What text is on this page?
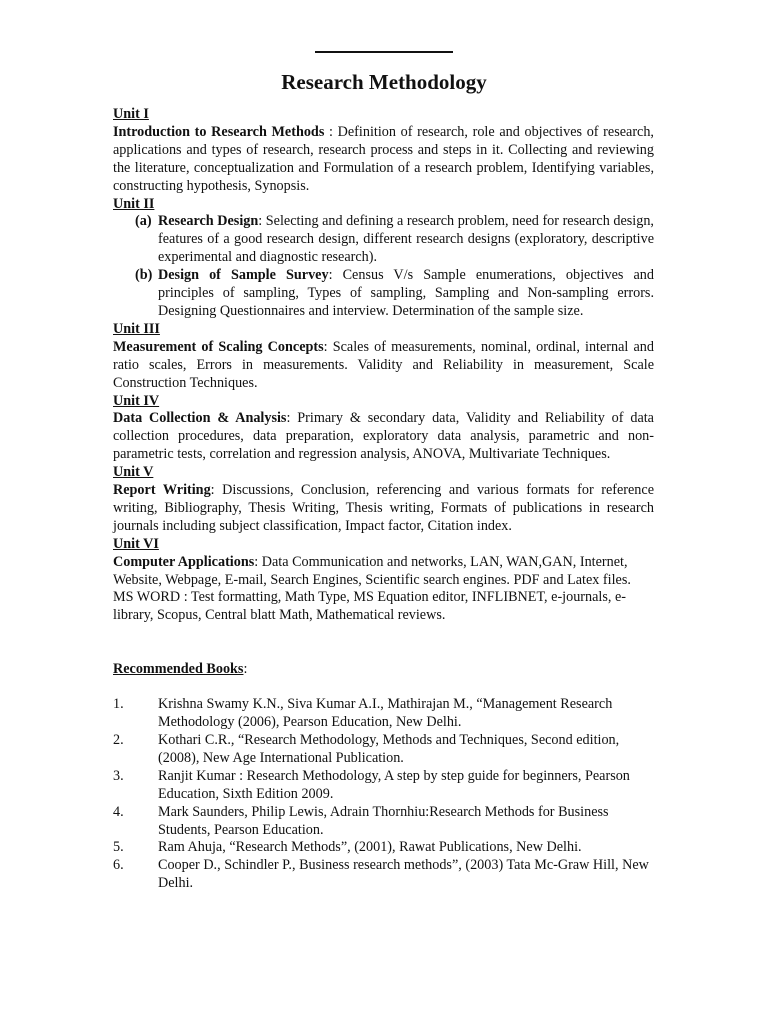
Research Methodology
Unit I
Introduction to Research Methods : Definition of research, role and objectives of research, applications and types of research, research process and steps in it. Collecting and reviewing the literature, conceptualization and Formulation of a research problem, Identifying variables, constructing hypothesis, Synopsis.
Unit II
(a) Research Design: Selecting and defining a research problem, need for research design, features of a good research design, different research designs (exploratory, descriptive experimental and diagnostic research).
(b) Design of Sample Survey: Census V/s Sample enumerations, objectives and principles of sampling, Types of sampling, Sampling and Non-sampling errors. Designing Questionnaires and interview. Determination of the sample size.
Unit III
Measurement of Scaling Concepts: Scales of measurements, nominal, ordinal, internal and ratio scales, Errors in measurements. Validity and Reliability in measurement, Scale Construction Techniques.
Unit IV
Data Collection & Analysis: Primary & secondary data, Validity and Reliability of data collection procedures, data preparation, exploratory data analysis, parametric and non-parametric tests, correlation and regression analysis, ANOVA, Multivariate Techniques.
Unit V
Report Writing: Discussions, Conclusion, referencing and various formats for reference writing, Bibliography, Thesis Writing, Thesis writing, Formats of publications in research journals including subject classification, Impact factor, Citation index.
Unit VI
Computer Applications: Data Communication and networks, LAN, WAN,GAN, Internet, Website, Webpage, E-mail, Search Engines, Scientific search engines. PDF and Latex files.
MS WORD : Test formatting, Math Type, MS Equation editor, INFLIBNET, e-journals, e-library, Scopus, Central blatt Math, Mathematical reviews.
Recommended Books:
1.	Krishna Swamy K.N., Siva Kumar A.I., Mathirajan M., “Management Research Methodology (2006), Pearson Education, New Delhi.
2.	Kothari C.R., “Research Methodology, Methods and Techniques, Second edition, (2008), New Age International Publication.
3.	Ranjit Kumar : Research Methodology, A step by step guide for beginners, Pearson Education, Sixth Edition 2009.
4.	Mark Saunders, Philip Lewis, Adrain Thornhiu:Research Methods for Business Students, Pearson Education.
5.	Ram Ahuja, “Research Methods”, (2001), Rawat Publications, New Delhi.
6.	Cooper D., Schindler P., Business research methods”, (2003) Tata Mc-Graw Hill, New Delhi.
